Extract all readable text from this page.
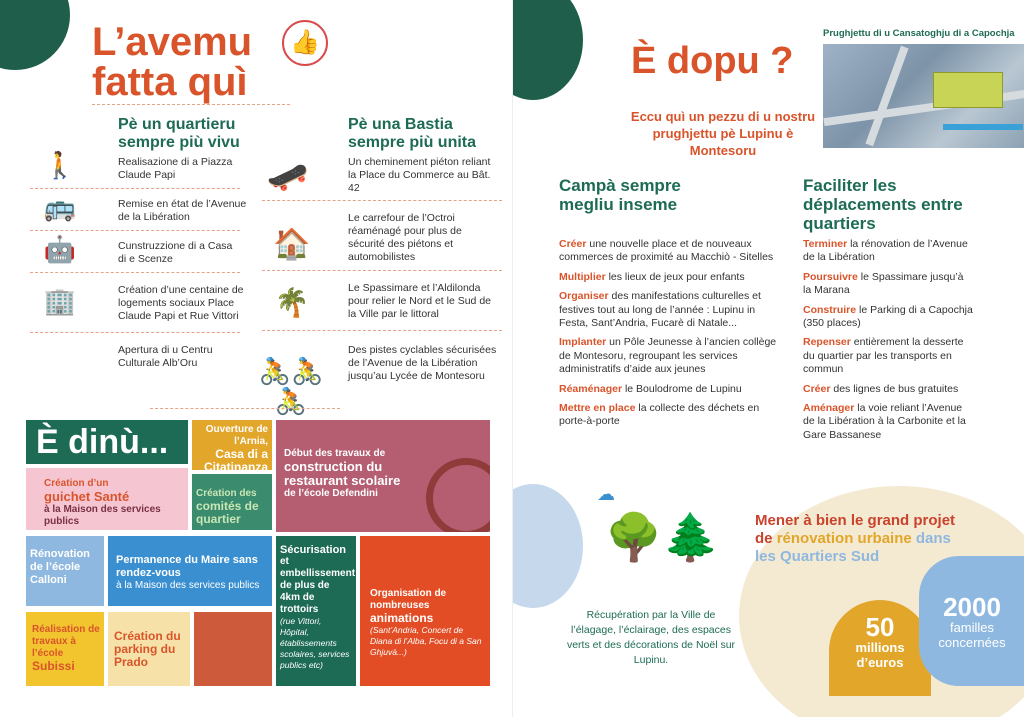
L’avemu
fatta quì
👍
Pè un quartieru sempre più vivu
Pè una Bastia sempre più unita
🚶	Realisazione di a Piazza Claude Papi
🚌	Remise en état de l’Avenue de la Libération
🤖	Cunstruzzione di a Casa di e Scenze
🏢	Création d’une centaine de logements sociaux Place Claude Papi et Rue Vittori
Apertura di u Centru Culturale Alb’Oru
🛹	Un cheminement piéton reliant la Place du Commerce au Bât. 42
🏠
Le carrefour de l’Octroi réaménagé pour plus de sécurité des piétons et automobilistes
🌴	Le Spassimare et l’Aldilonda pour relier le Nord et le Sud de la Ville par le littoral
🚴🚴🚴
Des pistes cyclables sécurisées de l’Avenue de la Libération jusqu’au Lycée de Montesoru
È dinù...	Ouverture de l’Arnia,
Casa di a Citatinanza
Début des travaux de
construction du
restaurant scolaire
de l’école Defendini
Création d’un
guichet Santé
à la Maison des services publics
Création des
comités de quartier
Rénovation de l’école
Calloni
Permanence du Maire sans rendez-vous
à la Maison des services publics
Sécurisation
et embellissement de plus de 4km de trottoirs
(rue Vittori, Hôpital, établissements scolaires, services publics etc)
Organisation de nombreuses
animations
(Sant’Andria, Concert de Diana di l’Alba, Focu di a San Ghjuvà...)
Réalisation de travaux à l’école
Subissi
Création du parking du
Prado
È dopu ?
Prughjettu di u Cansatoghju di a Capochja
Eccu quì un pezzu di u nostru prughjettu pè Lupinu è Montesoru
Campà sempre megliu inseme
Faciliter les déplacements entre quartiers

Créer une nouvelle place et de nouveaux commerces de proximité au Macchiò - Sitelles

Multiplier les lieux de jeux pour enfants

Organiser des manifestations culturelles et festives tout au long de l’année : Lupinu in Festa, Sant’Andria, Fucarè di Natale...

Implanter un Pôle Jeunesse à l’ancien collège de Montesoru, regroupant les services administratifs d’aide aux jeunes

Réaménager le Boulodrome de Lupinu

Mettre en place la collecte des déchets en porte-à-porte

Terminer la rénovation de l’Avenue de la Libération

Poursuivre le Spassimare jusqu’à la Marana

Construire le Parking di a Capochja (350 places)

Repenser entièrement la desserte du quartier par les transports en commun

Créer des lignes de bus gratuites

Aménager la voie reliant l’Avenue de la Libération à la Carbonite et la Gare Bassanese

☁
🌳🌲
Récupération par la Ville de l’élagage, l’éclairage, des espaces verts et des décorations de Noël sur Lupinu.
Mener à bien le grand projet de rénovation urbaine dans les Quartiers Sud
50
millions
d’euros
2000
familles
concernées
